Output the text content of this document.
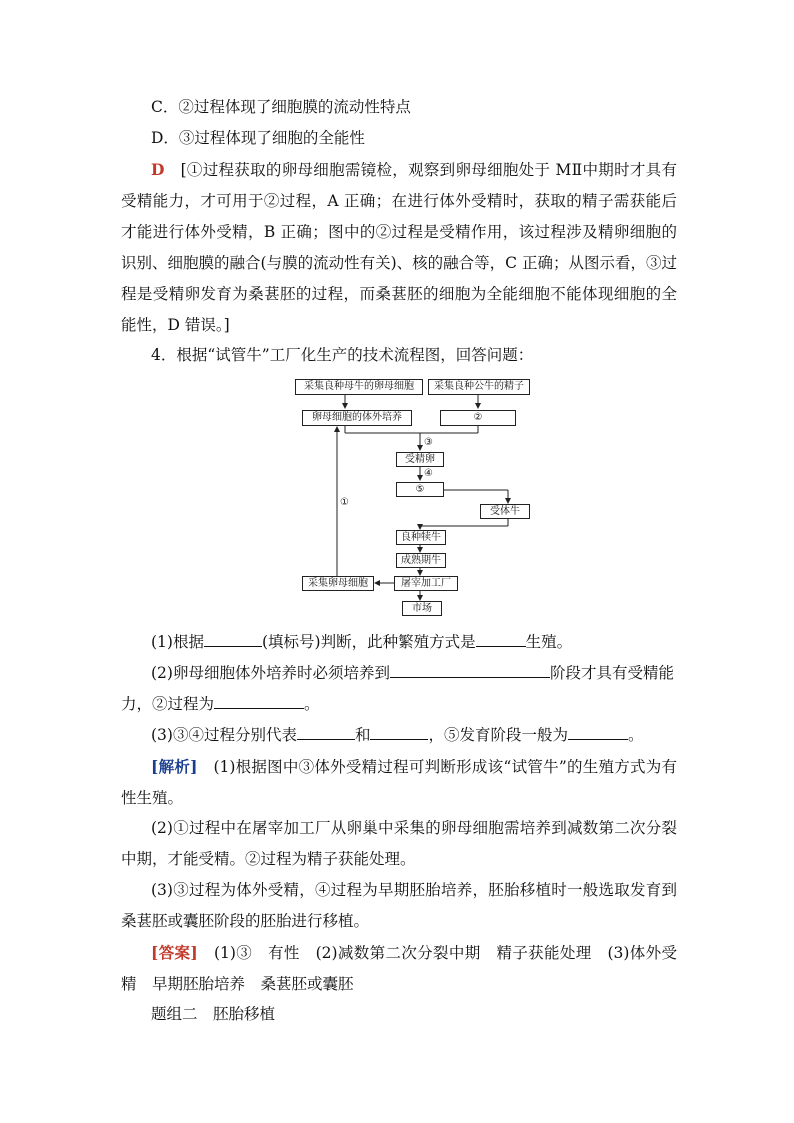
C．②过程体现了细胞膜的流动性特点

D．③过程体现了细胞的全能性

D　 [①过程获取的卵母细胞需镜检，观察到卵母细胞处于 MⅡ中期时才具有受精能力，才可用于②过程，A 正确；在进行体外受精时，获取的精子需获能后才能进行体外受精，B 正确；图中的②过程是受精作用，该过程涉及精卵细胞的识别、细胞膜的融合(与膜的流动性有关)、核的融合等，C 正确；从图示看，③过程是受精卵发育为桑葚胚的过程，而桑葚胚的细胞为全能细胞不能体现细胞的全能性，D 错误。]

4．根据“试管牛”工厂化生产的技术流程图，回答问题：

采集良种母牛的卵母细胞	采集良种公牛的精子
卵母细胞的体外培养	②
③
受精卵
④
⑤
受体牛
良种犊牛
成熟期牛
①
采集卵母细胞	屠宰加工厂
市场

(1)根据	(填标号)判断，此种繁殖方式是	生殖。

(2)卵母细胞体外培养时必须培养到	阶段才具有受精能力，②过程为	。

(3)③④过程分别代表	和	，⑤发育阶段一般为	。

[解析]　 (1)根据图中③体外受精过程可判断形成该“试管牛”的生殖方式为有性生殖。

(2)①过程中在屠宰加工厂从卵巢中采集的卵母细胞需培养到减数第二次分裂中期，才能受精。②过程为精子获能处理。

(3)③过程为体外受精，④过程为早期胚胎培养，胚胎移植时一般选取发育到桑葚胚或囊胚阶段的胚胎进行移植。

[答案]　 (1)③　有性　(2)减数第二次分裂中期　精子获能处理　(3)体外受精　早期胚胎培养　桑葚胚或囊胚

题组二　胚胎移植
